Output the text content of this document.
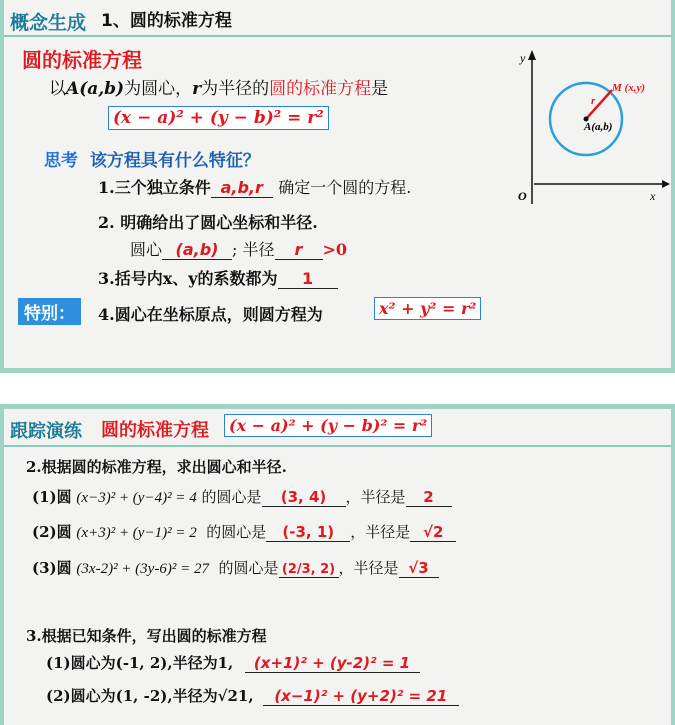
概念生成 1、圆的标准方程
圆的标准方程
以A(a,b)为圆心，r为半径的圆的标准方程是
(x − a)² + (y − b)² = r²
思考 该方程具有什么特征？
1.三个独立条件 a,b,r 确定一个圆的方程.
2. 明确给出了圆心坐标和半径.
圆心 (a,b) ; 半径 r >0
3.括号内x、y的系数都为 1
特别：	4.圆心在坐标原点，则圆方程为	x² + y² = r²
y
x
O
M (x,y)
A(a,b)
r
跟踪演练 圆的标准方程	(x − a)² + (y − b)² = r²
2.根据圆的标准方程，求出圆心和半径.
(1)圆 (x−3)² + (y−4)² = 4 的圆心是 (3, 4) ，半径是 2
(2)圆 (x+3)² + (y−1)² = 2 的圆心是 (-3, 1) ，半径是 √2
(3)圆 (3x-2)² + (3y-6)² = 27 的圆心是 (2/3, 2) ，半径是 √3
3.根据已知条件，写出圆的标准方程
(1)圆心为(-1, 2),半径为1, (x+1)² + (y-2)² = 1
(2)圆心为(1, -2),半径为√21, (x−1)² + (y+2)² = 21
